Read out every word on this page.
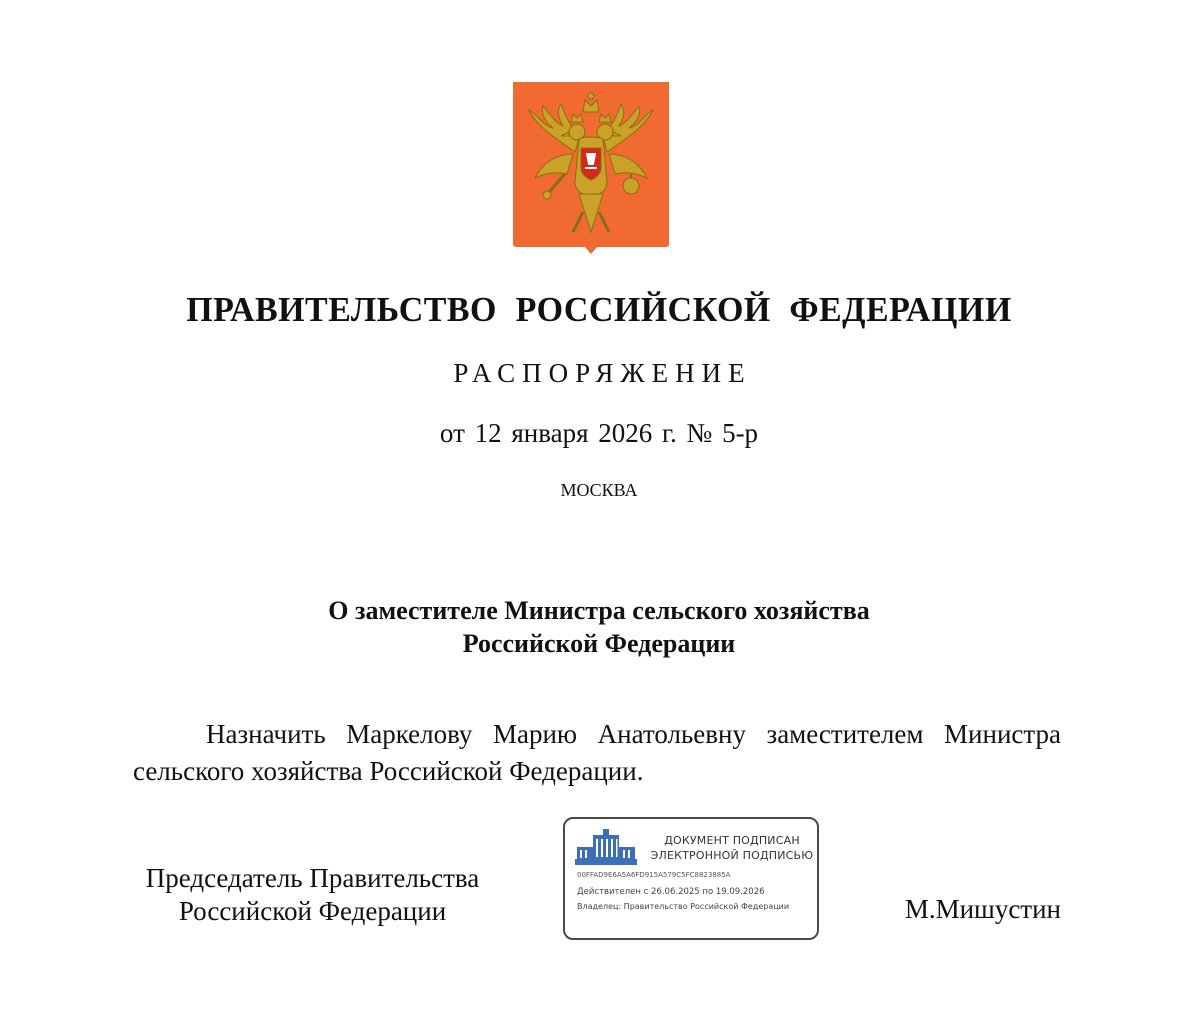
ПРАВИТЕЛЬСТВО РОССИЙСКОЙ ФЕДЕРАЦИИ
РАСПОРЯЖЕНИЕ
от 12 января 2026 г. № 5-р
МОСКВА
О заместителе Министра сельского хозяйства
Российской Федерации
Назначить Маркелову Марию Анатольевну заместителем Министра сельского хозяйства Российской Федерации.
Председатель Правительства
Российской Федерации
ДОКУМЕНТ ПОДПИСАН
ЭЛЕКТРОННОЙ ПОДПИСЬЮ
00FFAD9E6A5A6FD915A579C5FC8823885A
Действителен с 26.06.2025 по 19.09.2026
Владелец: Правительство Российской Федерации	М.Мишустин
